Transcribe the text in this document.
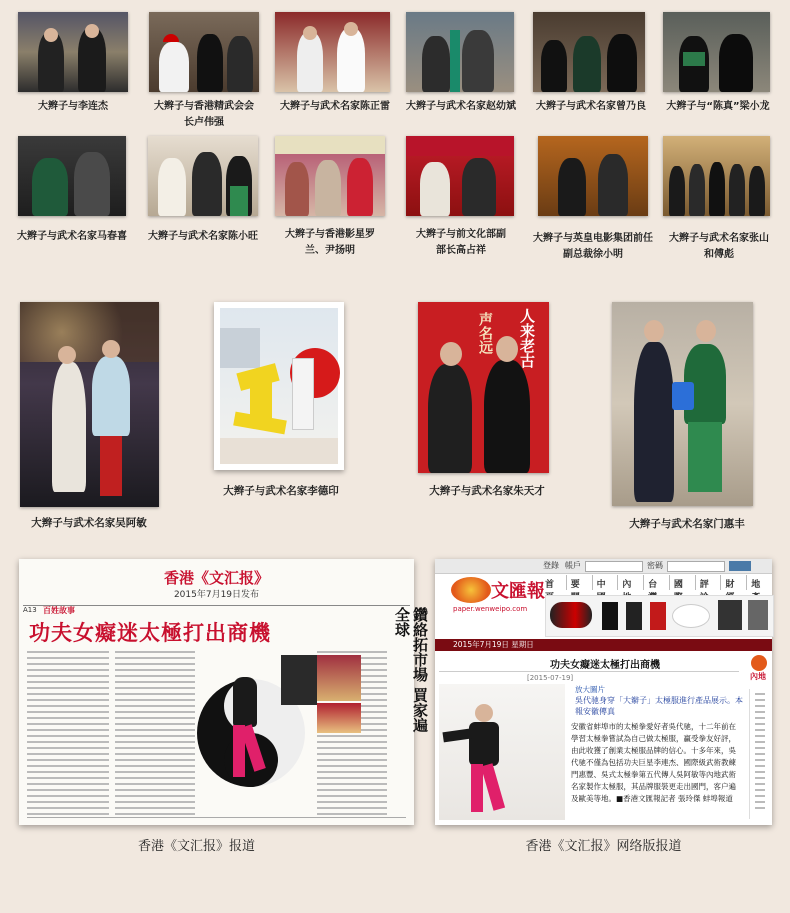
大辫子与李连杰	大辫子与香港精武会会长卢伟强
大辫子与武术名家陈正雷	大辫子与武术名家赵幼斌	大辫子与武术名家曾乃良	大辫子与“陈真”梁小龙
大辫子与武术名家马春喜	大辫子与武术名家陈小旺	大辫子与香港影星罗兰、尹扬明
大辫子与前文化部副部长高占祥
大辫子与英皇电影集团前任副总裁徐小明
大辫子与武术名家张山和傅彪
人来老古
声名远
大辫子与武术名家吴阿敏
大辫子与武术名家李德印	大辫子与武术名家朱天才
大辫子与武术名家门惠丰
香港《文汇报》
2015年7月19日发布
A13 百姓故事
功夫女癡迷太極打出商機	鑽絡拓市場 買家遍全球
香港《文汇报》报道
登錄 帳戶	密碼
文匯報
paper.wenweipo.com
首	要	中	內	台	國	評	財	地
2015年7月19日 星期日
功夫女癡迷太極打出商機
[2015-07-19]
放大圖片
吳代驰身穿「大辮子」太極服進行產品展示。本報安徽傳真
安徽省蚌埠市的太極拳愛好者吳代驰，十二年前在學習太極拳嘗試為自己做太極服，贏受拳友好評，由此收獲了創業太極服品牌的信心。十多年來，吳代驰不僅為包括功夫巨星李連杰、國際級武術教練門惠豐、吳式太極拳第五代傳人吳阿敏等內地武術名家製作太極服，其品牌服裝更走出國門，客户遍及歐美等地。■香港文匯報記者 張玲傑 蚌埠報道
內地
香港《文汇报》网络版报道
